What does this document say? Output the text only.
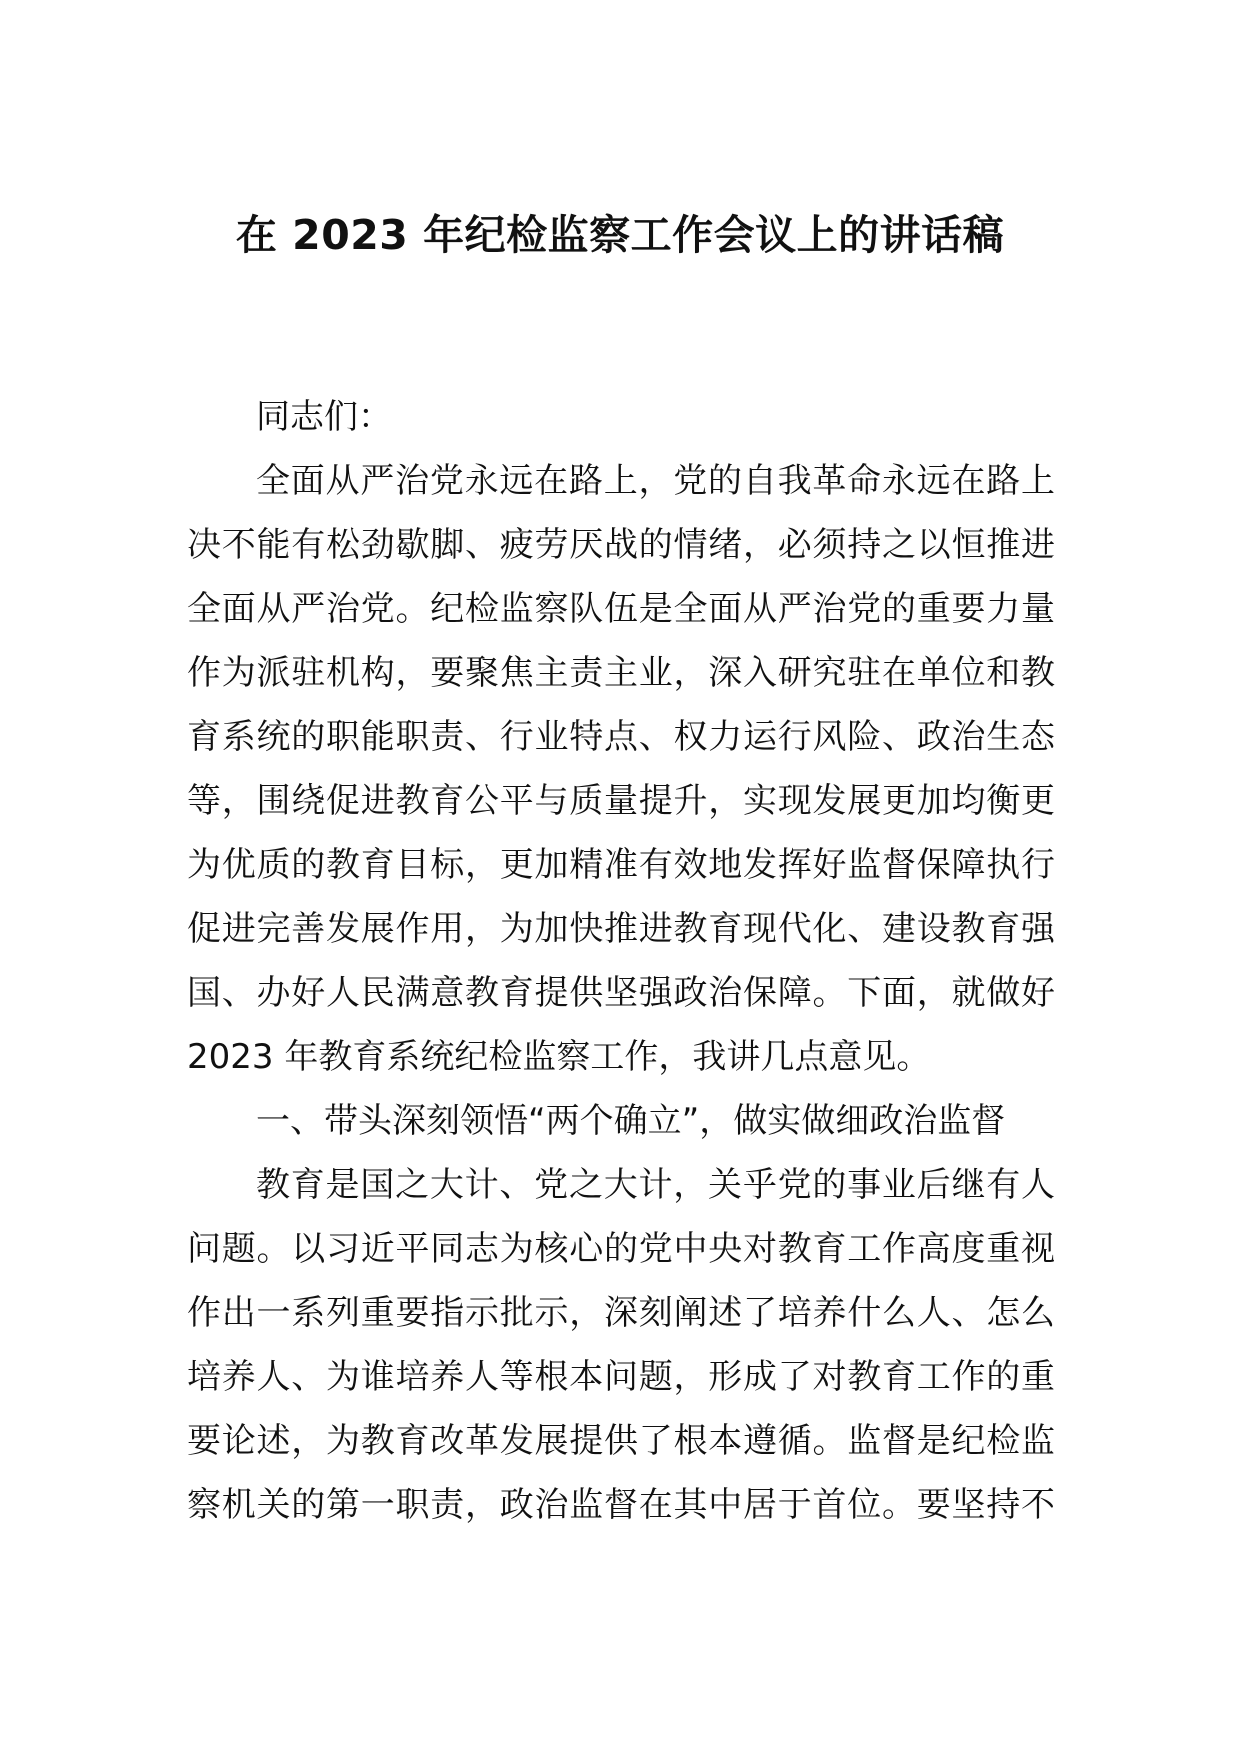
在 2023 年纪检监察工作会议上的讲话稿
同志们：
全面从严治党永远在路上，党的自我革命永远在路上
决不能有松劲歇脚、疲劳厌战的情绪，必须持之以恒推进
全面从严治党。纪检监察队伍是全面从严治党的重要力量
作为派驻机构，要聚焦主责主业，深入研究驻在单位和教
育系统的职能职责、行业特点、权力运行风险、政治生态
等，围绕促进教育公平与质量提升，实现发展更加均衡更
为优质的教育目标，更加精准有效地发挥好监督保障执行
促进完善发展作用，为加快推进教育现代化、建设教育强
国、办好人民满意教育提供坚强政治保障。下面，就做好
2023 年教育系统纪检监察工作，我讲几点意见。
一、带头深刻领悟“两个确立”，做实做细政治监督
教育是国之大计、党之大计，关乎党的事业后继有人
问题。以习近平同志为核心的党中央对教育工作高度重视
作出一系列重要指示批示，深刻阐述了培养什么人、怎么
培养人、为谁培养人等根本问题，形成了对教育工作的重
要论述，为教育改革发展提供了根本遵循。监督是纪检监
察机关的第一职责，政治监督在其中居于首位。要坚持不
